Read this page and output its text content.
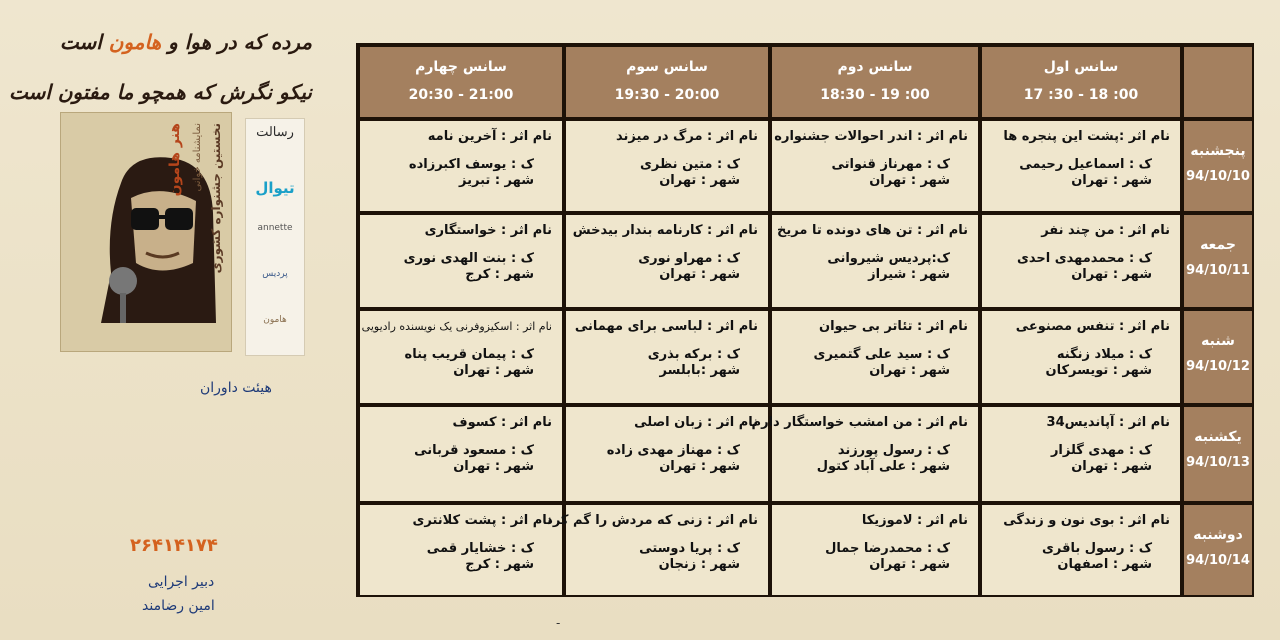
مرده که در هوا و هامون است
نیکو نگرش که همچو ما مفتون است
هنر هامون نمایشنامه خوانی نخستین جشنواره کشوری	رسالت
تیوال
annette
پردیس
هامون
هیئت داوران
۲۶۴۱۴۱۷۴
دبیر اجرایی
امین رضامند
سانس چهارم
20:30 - 21:00
سانس سوم
19:30 - 20:00
سانس دوم
18:30 - 19 :00
سانس اول
17 :30 - 18 :00
پنجشنبه
94/10/10
جمعه
94/10/11
شنبه
94/10/12
یکشنبه
94/10/13
دوشنبه
94/10/14
نام اثر : آخرین نامه
ک : یوسف اکبرزاده
شهر : تبریز
نام اثر : مرگ در میزند
ک : متین نظری
شهر : تهران
نام اثر : اندر احوالات جشنواره
ک : مهرناز قنواتی
شهر : تهران
نام اثر :پشت این پنجره ها
ک : اسماعیل رحیمی
شهر : تهران
نام اثر : خواستگاری
ک : بنت الهدی نوری
شهر : کرج
نام اثر : کارنامه بندار بیدخش
ک : مهراو نوری
شهر : تهران
نام اثر : تن های دونده تا مریخ
ک:پردیس شیروانی
شهر : شیراز
نام اثر : من چند نفر
ک : محمدمهدی احدی
شهر : تهران
نام اثر : اسکیزوفرنی یک نویسنده رادیویی
ک : پیمان قریب پناه
شهر : تهران
نام اثر : لباسی برای مهمانی
ک : برکه بذری
شهر :بابلسر
نام اثر : تئاتر بی حیوان
ک : سید علی گتمیری
شهر : تهران
نام اثر : تنفس مصنوعی
ک : میلاد زنگنه
شهر : تویسرکان
نام اثر : کسوف
ک : مسعود قربانی
شهر : تهران
نام اثر : زبان اصلی
ک : مهناز مهدی زاده
شهر : تهران
نام اثر : من امشب خواستگار دارم
ک : رسول پورزند
شهر : علی آباد کتول
نام اثر : آپاندیس34
ک : مهدی گلزار
شهر : تهران
نام اثر : پشت کلانتری
ک : خشایار قمی
شهر : کرج
نام اثر : زنی که مردش را گم کرد
ک : پریا دوستی
شهر : زنجان
نام اثر : لاموزیکا
ک : محمدرضا جمال
شهر : تهران
نام اثر : بوی نون و زندگی
ک : رسول باقری
شهر : اصفهان
-
